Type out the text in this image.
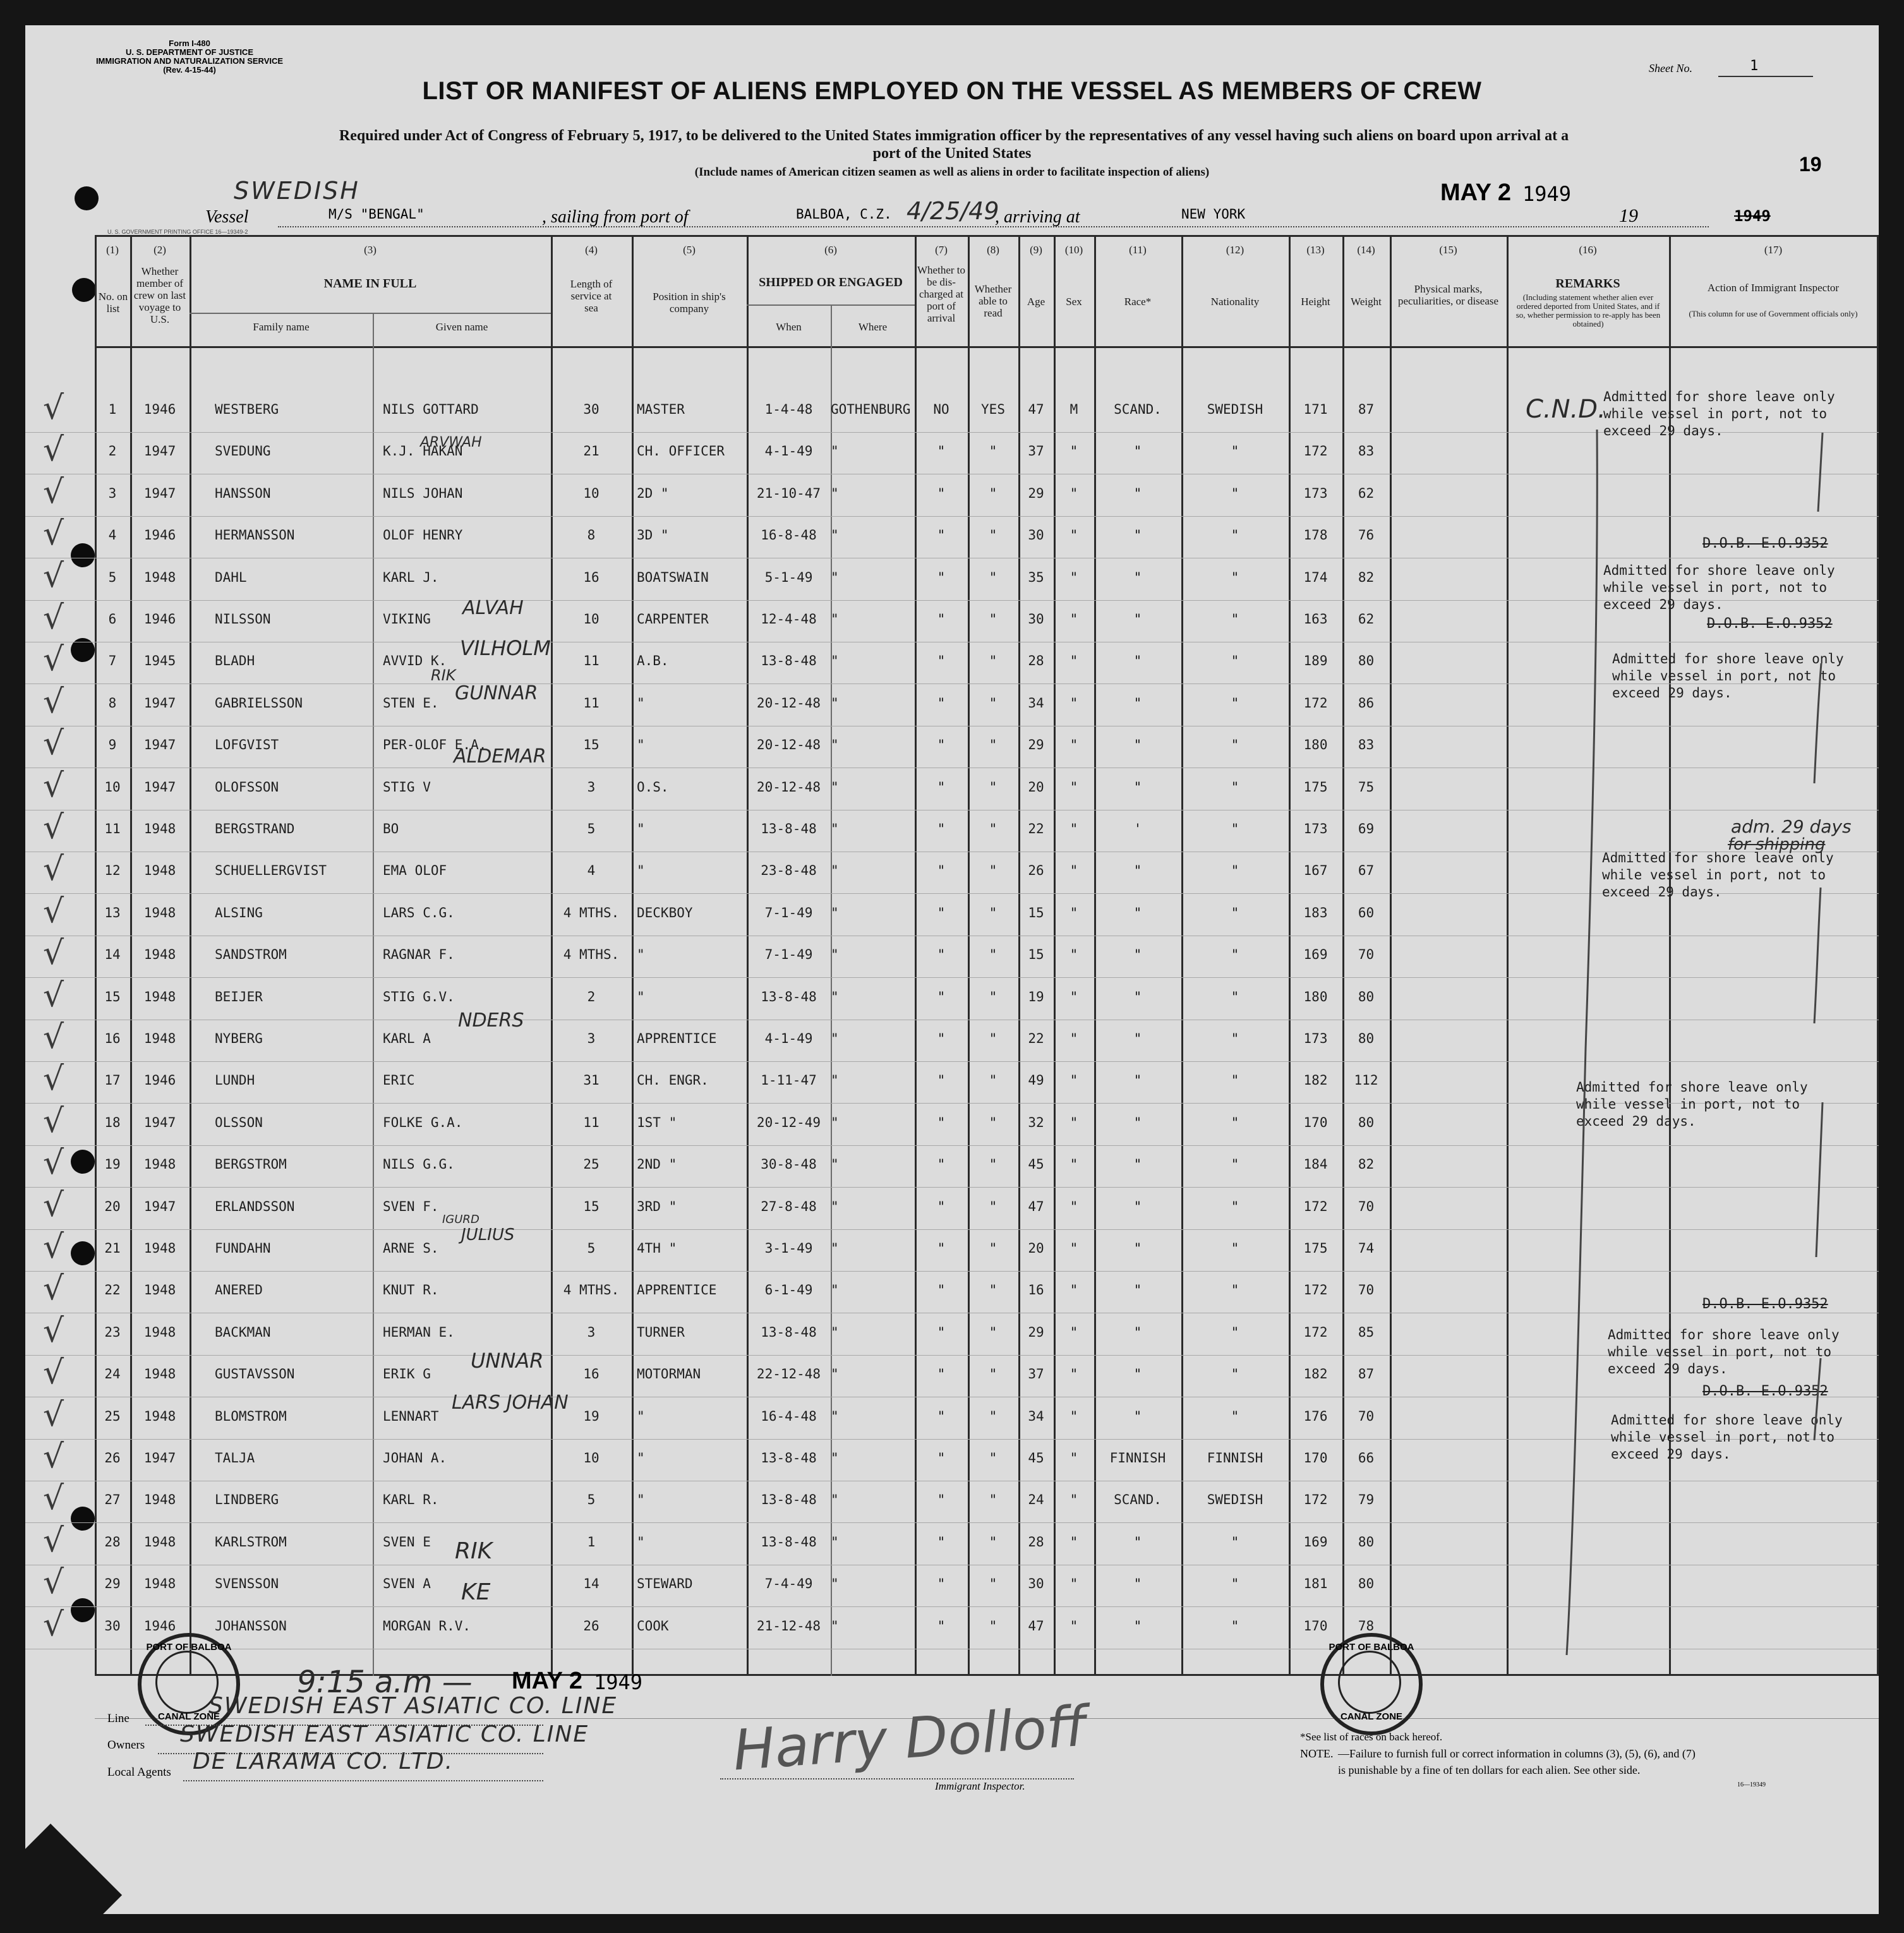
Form I-480
U. S. DEPARTMENT OF JUSTICE
IMMIGRATION AND NATURALIZATION SERVICE
(Rev. 4-15-44)	Sheet No.	1
LIST OR MANIFEST OF ALIENS EMPLOYED ON THE VESSEL AS MEMBERS OF CREW
Required under Act of Congress of February 5, 1917, to be delivered to the United States immigration officer by the representatives of any vessel having such aliens on board upon arrival at a
port of the United States
(Include names of American citizen seamen as well as aliens in order to facilitate inspection of aliens)	19
SWEDISH
Vessel	M/S "BENGAL"	, sailing from port of	BALBOA, C.Z. 4/25/49
, arriving at	NEW YORK
MAY 2 1949
19	1949
U. S. GOVERNMENT PRINTING OFFICE 16—19349-2
(1)	(2)	(3)	(4)	(5)	(6)	(7)	(8)	(9)	(10)	(11)	(12)	(13)	(14)	(15)	(16)	(17)
No. on list
Whether member of crew on last voyage to U.S.
NAME IN FULL
Family name	Given name
Length of service at sea
Position in ship's company
SHIPPED OR ENGAGED
When	Where
Whether to be dis-charged at port of arrival
Whether able to read
Age	Sex	Race*	Nationality	Height	Weight
Physical marks, peculiarities, or disease
REMARKS
(Including statement whether alien ever ordered deported from United States, and if so, whether permission to re-apply has been obtained)
Action of Immigrant Inspector
(This column for use of Government officials only)
√	1	1946	WESTBERG	NILS GOTTARD	30	MASTER	1-4-48	GOTHENBURG	NO	YES	47	M	SCAND.	SWEDISH	171	87
√	2	1947	SVEDUNG	K.J. HAKAN	21	CH. OFFICER	4-1-49	"	"	"	37	"	"	"	172	83
√	3	1947	HANSSON	NILS JOHAN	10	2D "	21-10-47 "	"	"	29	"	"	"	173	62
√	4	1946	HERMANSSON	OLOF HENRY	8	3D "	16-8-48	"	"	"	30	"	"	"	178	76
√	5	1948	DAHL	KARL J.	16	BOATSWAIN	5-1-49	"	"	"	35	"	"	"	174	82
√	6	1946	NILSSON	VIKING	10	CARPENTER	12-4-48	"	"	"	30	"	"	"	163	62
√	7	1945	BLADH	AVVID K.	11	A.B.	13-8-48	"	"	"	28	"	"	"	189	80
√	8	1947	GABRIELSSON	STEN E.	11	"	20-12-48 "	"	"	34	"	"	"	172	86
√	9	1947	LOFGVIST	PER-OLOF E.A.	15	"	20-12-48 "	"	"	29	"	"	"	180	83
√	10	1947	OLOFSSON	STIG V	3	O.S.	20-12-48 "	"	"	20	"	"	"	175	75
√	11	1948	BERGSTRAND	BO	5	"	13-8-48	"	"	"	22	"	'	"	173	69
√	12	1948	SCHUELLERGVIST	EMA OLOF	4	"	23-8-48	"	"	"	26	"	"	"	167	67
√	13	1948	ALSING	LARS C.G.	4 MTHS.	DECKBOY	7-1-49	"	"	"	15	"	"	"	183	60
√	14	1948	SANDSTROM	RAGNAR F.	4 MTHS.	"	7-1-49	"	"	"	15	"	"	"	169	70
√	15	1948	BEIJER	STIG G.V.	2	"	13-8-48	"	"	"	19	"	"	"	180	80
√	16	1948	NYBERG	KARL A	3	APPRENTICE	4-1-49	"	"	"	22	"	"	"	173	80
√	17	1946	LUNDH	ERIC	31	CH. ENGR.	1-11-47	"	"	"	49	"	"	"	182	112
√	18	1947	OLSSON	FOLKE G.A.	11	1ST "	20-12-49 "	"	"	32	"	"	"	170	80
√	19	1948	BERGSTROM	NILS G.G.	25	2ND "	30-8-48	"	"	"	45	"	"	"	184	82
√	20	1947	ERLANDSSON	SVEN F.	15	3RD "	27-8-48	"	"	"	47	"	"	"	172	70
√	21	1948	FUNDAHN	ARNE S.	5	4TH "	3-1-49	"	"	"	20	"	"	"	175	74
√	22	1948	ANERED	KNUT R.	4 MTHS.	APPRENTICE	6-1-49	"	"	"	16	"	"	"	172	70
√	23	1948	BACKMAN	HERMAN E.	3	TURNER	13-8-48	"	"	"	29	"	"	"	172	85
√	24	1948	GUSTAVSSON	ERIK G	16	MOTORMAN	22-12-48 "	"	"	37	"	"	"	182	87
√	25	1948	BLOMSTROM	LENNART	19	"	16-4-48	"	"	"	34	"	"	"	176	70
√	26	1947	TALJA	JOHAN A.	10	"	13-8-48	"	"	"	45	"	FINNISH	FINNISH	170	66
√	27	1948	LINDBERG	KARL R.	5	"	13-8-48	"	"	"	24	"	SCAND.	SWEDISH	172	79
√	28	1948	KARLSTROM	SVEN E	1	"	13-8-48	"	"	"	28	"	"	"	169	80
√	29	1948	SVENSSON	SVEN A	14	STEWARD	7-4-49	"	"	"	30	"	"	"	181	80
√	30	1946	JOHANSSON	MORGAN R.V.	26	COOK	21-12-48 "	"	"	47	"	"	"	170	78
ARVWAH
ALVAH
VILHOLM
RIK
GUNNAR
ALDEMAR
NDERS
IGURD
JULIUS
UNNAR
LARS JOHAN
RIK
KE
C.N.D.
Admitted for shore leave only
while vessel in port, not to
exceed 29 days.
D.O.B. E.O.9352
Admitted for shore leave only
while vessel in port, not to
exceed 29 days.
D.O.B. E.O.9352
Admitted for shore leave only
while vessel in port, not to
exceed 29 days.
adm. 29 days
for shipping
Admitted for shore leave only
while vessel in port, not to
exceed 29 days.
Admitted for shore leave only
while vessel in port, not to
exceed 29 days.
D.O.B. E.O.9352
Admitted for shore leave only
while vessel in port, not to
exceed 29 days.
D.O.B. E.O.9352
Admitted for shore leave only
while vessel in port, not to
exceed 29 days.
9:15 a.m — MAY 2 1949
PORT OF BALBOA
CANAL ZONE
PORT OF BALBOA
CANAL ZONE
Line	SWEDISH EAST ASIATIC CO. LINE
Owners SWEDISH EAST ASIATIC CO. LINE
Local Agents DE LARAMA CO. LTD.	Harry Dolloff
Immigrant Inspector.
*See list of races on back hereof.
NOTE. —Failure to furnish full or correct information in columns (3), (5), (6), and (7)
is punishable by a fine of ten dollars for each alien. See other side.
16—19349
